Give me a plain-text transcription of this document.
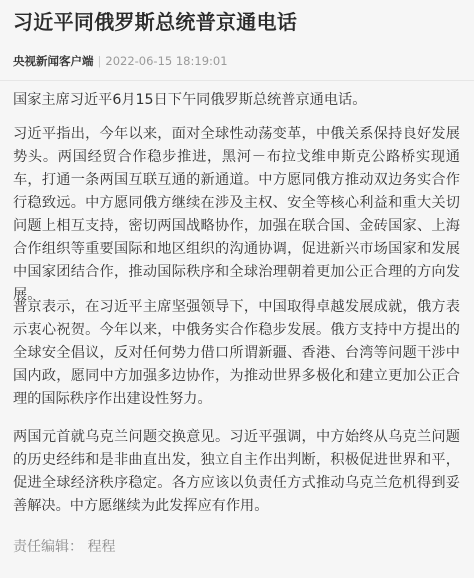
习近平同俄罗斯总统普京通电话
央视新闻客户端 | 2022-06-15 18:19:01
国家主席习近平6月15日下午同俄罗斯总统普京通电话。
习近平指出，今年以来，面对全球性动荡变革，中俄关系保持良好发展势头。两国经贸合作稳步推进，黑河－布拉戈维申斯克公路桥实现通车，打通一条两国互联互通的新通道。中方愿同俄方推动双边务实合作行稳致远。中方愿同俄方继续在涉及主权、安全等核心利益和重大关切问题上相互支持，密切两国战略协作，加强在联合国、金砖国家、上海合作组织等重要国际和地区组织的沟通协调，促进新兴市场国家和发展中国家团结合作，推动国际秩序和全球治理朝着更加公正合理的方向发展。
普京表示，在习近平主席坚强领导下，中国取得卓越发展成就，俄方表示衷心祝贺。今年以来，中俄务实合作稳步发展。俄方支持中方提出的全球安全倡议，反对任何势力借口所谓新疆、香港、台湾等问题干涉中国内政，愿同中方加强多边协作，为推动世界多极化和建立更加公正合理的国际秩序作出建设性努力。
两国元首就乌克兰问题交换意见。习近平强调，中方始终从乌克兰问题的历史经纬和是非曲直出发，独立自主作出判断，积极促进世界和平，促进全球经济秩序稳定。各方应该以负责任方式推动乌克兰危机得到妥善解决。中方愿继续为此发挥应有作用。
责任编辑： 程程
